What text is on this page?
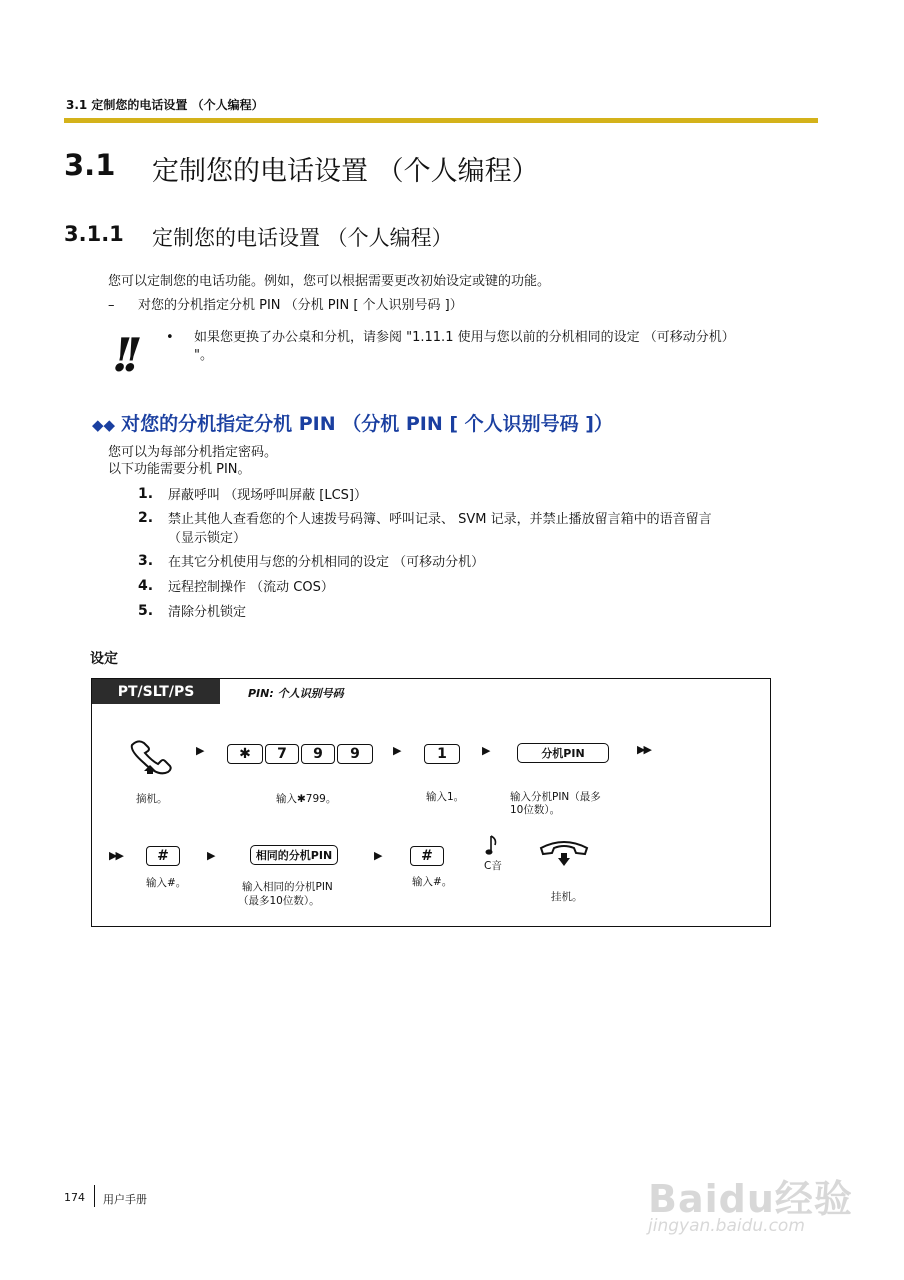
3.1 定制您的电话设置 （个人编程）
3.1 定制您的电话设置 （个人编程）
3.1.1 定制您的电话设置 （个人编程）
您可以定制您的电话功能。例如，您可以根据需要更改初始设定或键的功能。
– 对您的分机指定分机 PIN （分机 PIN [ 个人识别号码 ]）
!!	• 如果您更换了办公桌和分机，请参阅 "1.11.1 使用与您以前的分机相同的设定 （可移动分机）
"。
◆◆ 对您的分机指定分机 PIN （分机 PIN [ 个人识别号码 ]）
您可以为每部分机指定密码。
以下功能需要分机 PIN。
1. 屏蔽呼叫 （现场呼叫屏蔽 [LCS]）
2. 禁止其他人查看您的个人速拨号码簿、呼叫记录、 SVM 记录，并禁止播放留言箱中的语音留言
（显示锁定）
3. 在其它分机使用与您的分机相同的设定 （可移动分机）
4. 远程控制操作 （流动 COS）
5. 清除分机锁定
设定
PT/SLT/PS	PIN: 个人识别号码
▶	✱	7	9	9	▶	1	▶	分机PIN	▶▶
摘机。	输入✱799。	输入1。	输入分机PIN（最多
10位数）。
▶▶	#	▶	相同的分机PIN	▶	#
C音
输入#。	输入相同的分机PIN
（最多10位数）。
输入#。
挂机。
174 用户手册	Baidu经验
jingyan.baidu.com
